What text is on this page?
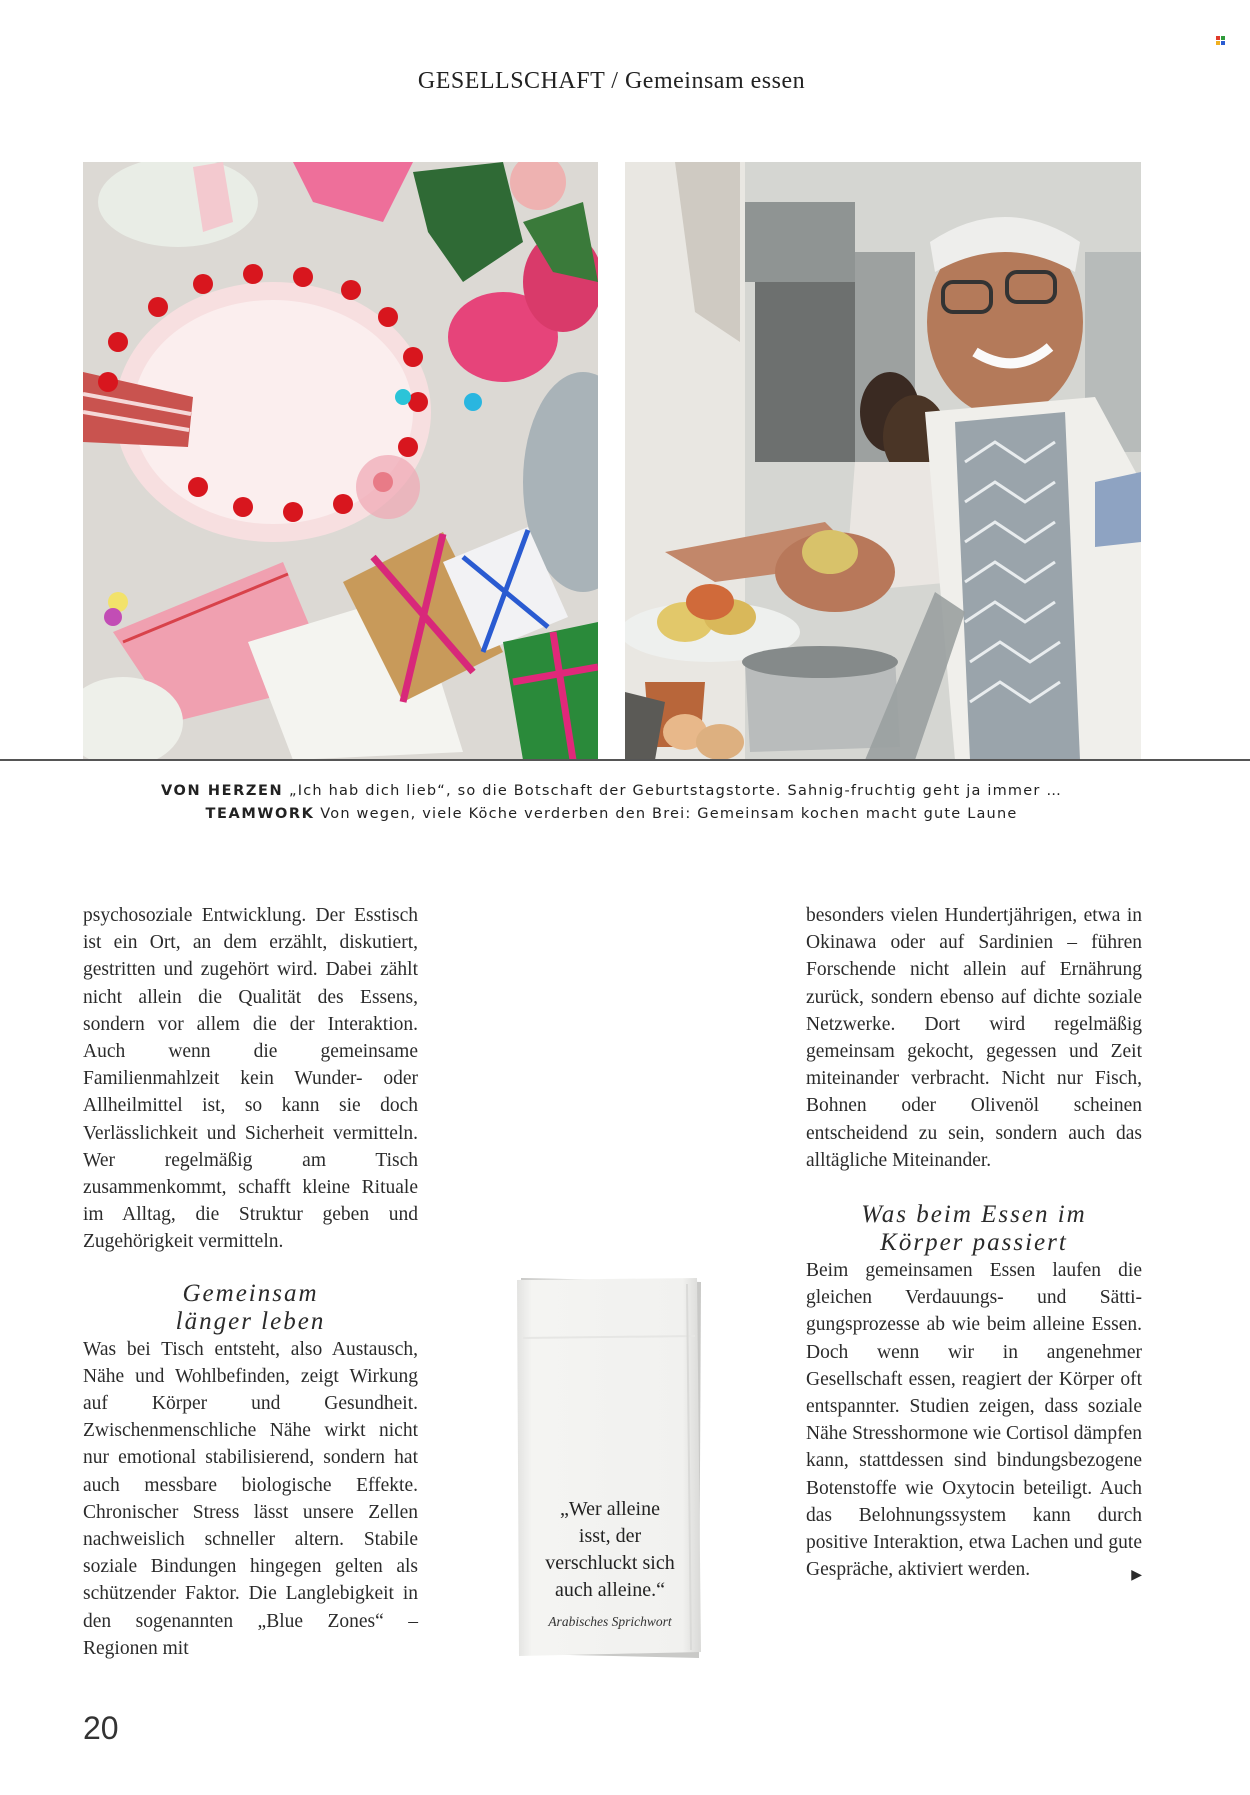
GESELLSCHAFT / Gemeinsam essen
VON HERZEN „Ich hab dich lieb“, so die Botschaft der Geburtstagstorte. Sahnig-fruchtig geht ja immer …
TEAMWORK Von wegen, viele Köche verderben den Brei: Gemeinsam kochen macht gute Laune

psychosoziale Entwicklung. Der Esstisch ist ein Ort, an dem erzählt, diskutiert, gestritten und zugehört wird. Dabei zählt nicht allein die Qualität des Essens, sondern vor allem die der Interaktion. Auch wenn die gemeinsame Familienmahlzeit kein Wunder- oder Allheilmittel ist, so kann sie doch Verlässlichkeit und Sicherheit vermitteln. Wer regelmäßig am Tisch zusammenkommt, schafft kleine Rituale im Alltag, die Struktur geben und Zugehörigkeit vermitteln.

Gemeinsam
länger leben

Was bei Tisch entsteht, also Austausch, Nähe und Wohlbefinden, zeigt Wirkung auf Körper und Gesundheit. Zwischenmenschliche Nähe wirkt nicht nur emotional stabilisierend, sondern hat auch messbare biologische Effekte. Chronischer Stress lässt unsere Zellen nachweislich schneller altern. Stabile soziale Bindungen hingegen gelten als schützender Faktor. Die Langlebigkeit in den sogenannten „Blue Zones“ – Regionen mit

„Wer alleine
isst, der
verschluckt sich
auch alleine.“
Arabisches Sprichwort

besonders vielen Hundertjährigen, etwa in Okinawa oder auf Sardinien – führen Forschende nicht allein auf Ernährung zurück, sondern ebenso auf dichte soziale Netzwerke. Dort wird regelmäßig gemeinsam gekocht, gegessen und Zeit miteinander verbracht. Nicht nur Fisch, Bohnen oder Olivenöl scheinen entscheidend zu sein, sondern auch das alltägliche Miteinander.

Was beim Essen im
Körper passiert

Beim gemeinsamen Essen laufen die gleichen Verdauungs- und Sättigungsprozesse ab wie beim alleine Essen. Doch wenn wir in angenehmer Gesellschaft essen, reagiert der Körper oft entspannter. Studien zeigen, dass soziale Nähe Stresshormone wie Cortisol dämpfen kann, stattdessen sind bindungsbezogene Botenstoffe wie Oxytocin beteiligt. Auch das Belohnungssystem kann durch positive Interaktion, etwa Lachen und gute Gespräche, aktiviert werden.	▶

20
